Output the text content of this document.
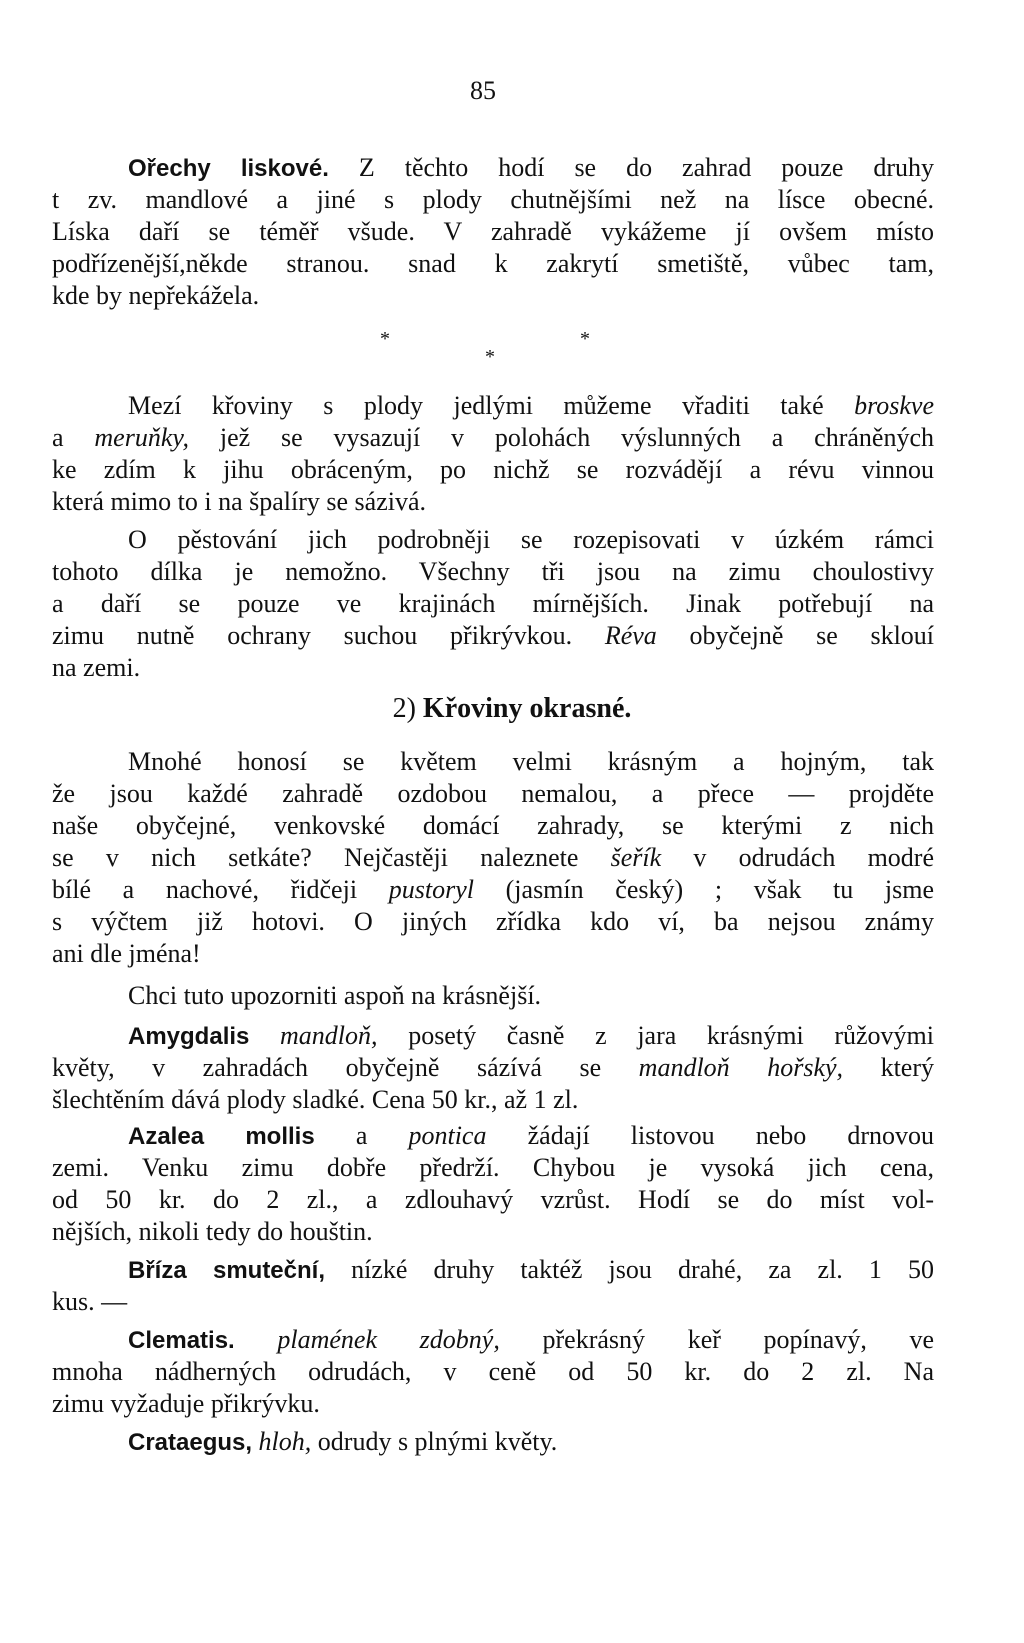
85
Ořechy liskové. Z těchto hodí se do zahrad pouze druhy
t zv. mandlové a jiné s plody chutnějšími než na lísce obecné.
Líska daří se téměř všude. V zahradě vykážeme jí ovšem místo
podřízenější,někde stranou. snad k zakrytí smetiště, vůbec tam,
kde by nepřekážela.
*	*
*
Mezí křoviny s plody jedlými můžeme vřaditi také broskve
a meruňky, jež se vysazují v polohách výslunných a chráněných
ke zdím k jihu obráceným, po nichž se rozvádějí a révu vinnou
která mimo to i na špalíry se sázivá.
O pěstování jich podrobněji se rozepisovati v úzkém rámci
tohoto dílka je nemožno. Všechny tři jsou na zimu choulostivy
a daří se pouze ve krajinách mírnějších. Jinak potřebují na
zimu nutně ochrany suchou přikrývkou. Réva obyčejně se sklouí
na zemi.
2) Křoviny okrasné.
Mnohé honosí se květem velmi krásným a hojným, tak
že jsou každé zahradě ozdobou nemalou, a přece — projděte
naše obyčejné, venkovské domácí zahrady, se kterými z nich
se v nich setkáte? Nejčastěji naleznete šeřík v odrudách modré
bílé a nachové, řidčeji pustoryl (jasmín český) ; však tu jsme
s výčtem již hotovi. O jiných zřídka kdo ví, ba nejsou známy
ani dle jména!
Chci tuto upozorniti aspoň na krásnější.
Amygdalis mandloň, posetý časně z jara krásnými růžovými
květy, v zahradách obyčejně sázívá se mandloň hořský, který
šlechtěním dává plody sladké. Cena 50 kr., až 1 zl.
Azalea mollis a pontica žádají listovou nebo drnovou
zemi. Venku zimu dobře předrží. Chybou je vysoká jich cena,
od 50 kr. do 2 zl., a zdlouhavý vzrůst. Hodí se do míst vol-
nějších, nikoli tedy do houštin.
Bříza smuteční, nízké druhy taktéž jsou drahé, za zl. 1 50
kus. —
Clematis. plamének zdobný, překrásný keř popínavý, ve
mnoha nádherných odrudách, v ceně od 50 kr. do 2 zl. Na
zimu vyžaduje přikrývku.
Crataegus, hloh, odrudy s plnými květy.
